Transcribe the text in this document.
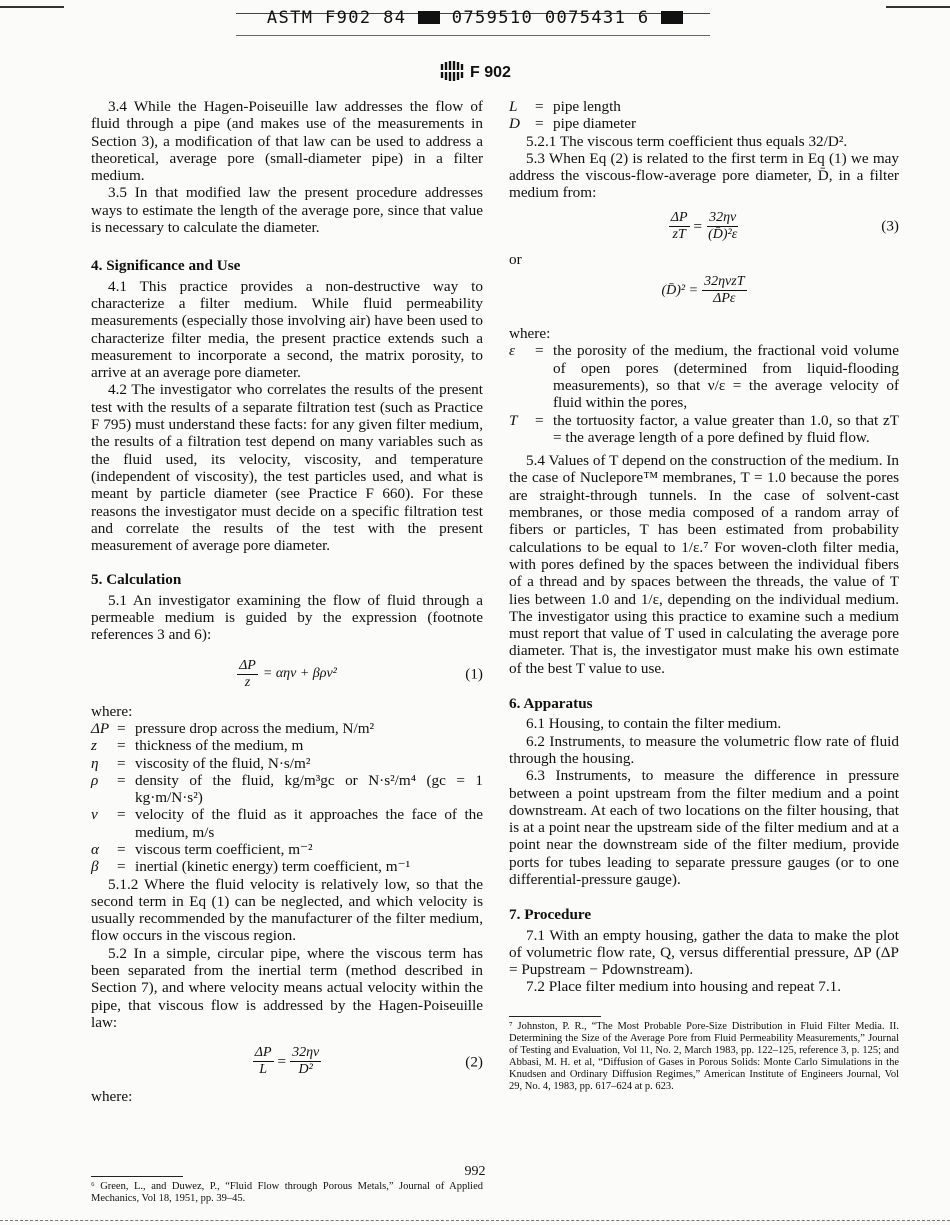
ASTM F902 84	0759510 0075431 6
F 902

3.4 While the Hagen-Poiseuille law addresses the flow of fluid through a pipe (and makes use of the measurements in Section 3), a modification of that law can be used to address a theoretical, average pore (small-diameter pipe) in a filter medium.

3.5 In that modified law the present procedure addresses ways to estimate the length of the average pore, since that value is necessary to calculate the diameter.

4. Significance and Use

4.1 This practice provides a non-destructive way to characterize a filter medium. While fluid permeability measurements (especially those involving air) have been used to characterize filter media, the present practice extends such a measurement to incorporate a second, the matrix porosity, to arrive at an average pore diameter.

4.2 The investigator who correlates the results of the present test with the results of a separate filtration test (such as Practice F 795) must understand these facts: for any given filter medium, the results of a filtration test depend on many variables such as the fluid used, its velocity, viscosity, and temperature (independent of viscosity), the test particles used, and what is meant by particle diameter (see Practice F 660). For these reasons the investigator must decide on a specific filtration test and correlate the results of the test with the present measurement of average pore diameter.

5. Calculation

5.1 An investigator examining the flow of fluid through a permeable medium is guided by the expression (footnote references 3 and 6):

$\frac{\Delta P}{z} = \alpha\eta\nu + \beta\rho\nu^2$	(1)

where:

ΔP = pressure drop across the medium, N/m²
z	= thickness of the medium, m
η	= viscosity of the fluid, N·s/m²
ρ	= density of the fluid, kg/m³gc or N·s²/m⁴ (gc = 1 kg·m/N·s²)
ν	= velocity of the fluid as it approaches the face of the medium, m/s
α	= viscous term coefficient, m⁻²
β	= inertial (kinetic energy) term coefficient, m⁻¹

5.1.2 Where the fluid velocity is relatively low, so that the second term in Eq (1) can be neglected, and which velocity is usually recommended by the manufacturer of the filter medium, flow occurs in the viscous region.

5.2 In a simple, circular pipe, where the viscous term has been separated from the inertial term (method described in Section 7), and where velocity means actual velocity within the pipe, that viscous flow is addressed by the Hagen-Poiseuille law:

$\frac{\Delta P}{L} = \frac{32\eta\nu}{\text{D²}}$	(2)

where:

⁶ Green, L., and Duwez, P., “Fluid Flow through Porous Metals,” Journal of Applied Mechanics, Vol 18, 1951, pp. 39–45.

L	= pipe length
D = pipe diameter

5.2.1 The viscous term coefficient thus equals 32/D².

5.3 When Eq (2) is related to the first term in Eq (1) we may address the viscous-flow-average pore diameter, D̄, in a filter medium from:

$\frac{\Delta P}{zT} = \frac{32\eta\nu}{\text{(D̄)²ε}}$	(3)

or

(D̄)² = $\frac{\text{32ηνzT}}{\text{ΔPε}}$

where:

ε	= the porosity of the medium, the fractional void volume of open pores (determined from liquid-flooding measurements), so that ν/ε = the average velocity of fluid within the pores,
T	= the tortuosity factor, a value greater than 1.0, so that zT = the average length of a pore defined by fluid flow.

5.4 Values of T depend on the construction of the medium. In the case of Nuclepore™ membranes, T = 1.0 because the pores are straight-through tunnels. In the case of solvent-cast membranes, or those media composed of a random array of fibers or particles, T has been estimated from probability calculations to be equal to 1/ε.⁷ For woven-cloth filter media, with pores defined by the spaces between the individual fibers of a thread and by spaces between the threads, the value of T lies between 1.0 and 1/ε, depending on the individual medium. The investigator using this practice to examine such a medium must report that value of T used in calculating the average pore diameter. That is, the investigator must make his own estimate of the best T value to use.

6. Apparatus

6.1 Housing, to contain the filter medium.

6.2 Instruments, to measure the volumetric flow rate of fluid through the housing.

6.3 Instruments, to measure the difference in pressure between a point upstream from the filter medium and a point downstream. At each of two locations on the filter housing, that is at a point near the upstream side of the filter medium and at a point near the downstream side of the filter medium, provide ports for tubes leading to separate pressure gauges (or to one differential-pressure gauge).

7. Procedure

7.1 With an empty housing, gather the data to make the plot of volumetric flow rate, Q, versus differential pressure, ΔP (ΔP = Pupstream − Pdownstream).

7.2 Place filter medium into housing and repeat 7.1.

⁷ Johnston, P. R., “The Most Probable Pore-Size Distribution in Fluid Filter Media. II. Determining the Size of the Average Pore from Fluid Permeability Measurements,” Journal of Testing and Evaluation, Vol 11, No. 2, March 1983, pp. 122–125, reference 3, p. 125; and Abbasi, M. H. et al, “Diffusion of Gases in Porous Solids: Monte Carlo Simulations in the Knudsen and Ordinary Diffusion Regimes,” American Institute of Engineers Journal, Vol 29, No. 4, 1983, pp. 617–624 at p. 623.

992
